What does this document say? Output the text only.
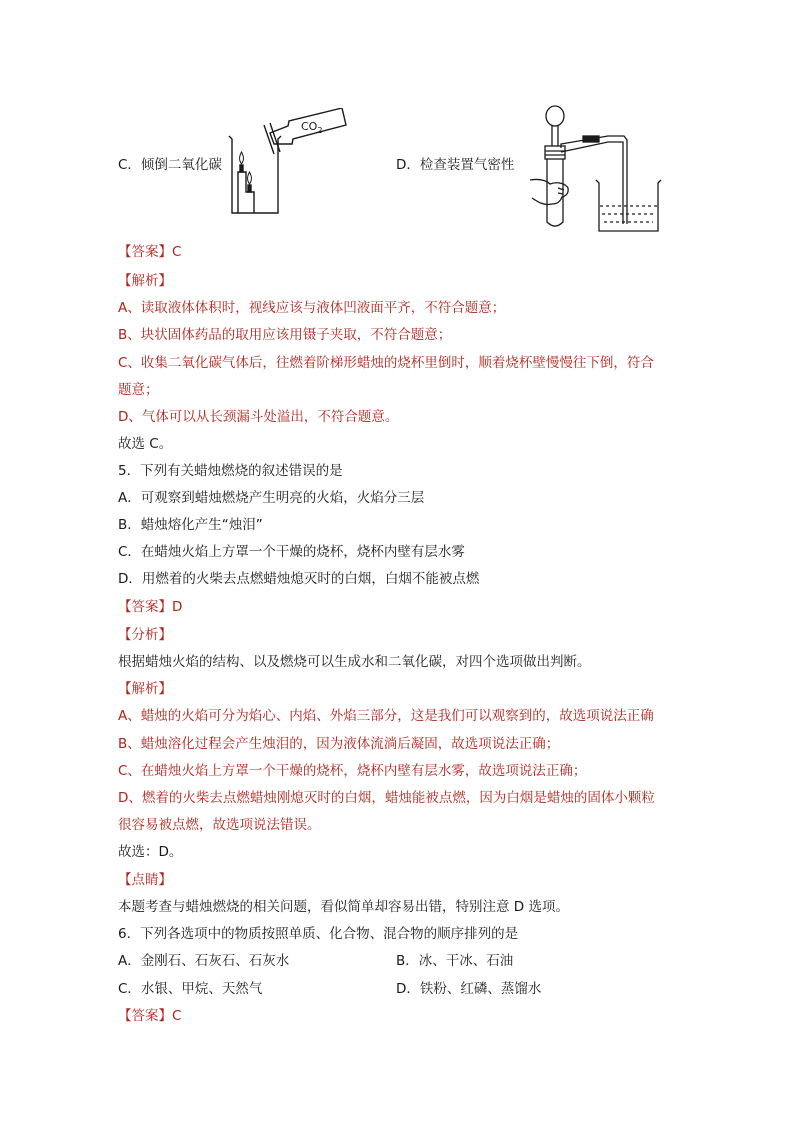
$CO_2$
C．倾倒二氧化碳	D．检查装置气密性
【答案】C
【解析】
A、读取液体体积时，视线应该与液体凹液面平齐，不符合题意；
B、块状固体药品的取用应该用镊子夹取，不符合题意；
C、收集二氧化碳气体后，往燃着阶梯形蜡烛的烧杯里倒时，顺着烧杯壁慢慢往下倒，符合
题意；
D、气体可以从长颈漏斗处溢出，不符合题意。
故选 C。
5．下列有关蜡烛燃烧的叙述错误的是
A．可观察到蜡烛燃烧产生明亮的火焰，火焰分三层
B．蜡烛熔化产生“烛泪”
C．在蜡烛火焰上方罩一个干燥的烧杯，烧杯内壁有层水雾
D．用燃着的火柴去点燃蜡烛熄灭时的白烟，白烟不能被点燃
【答案】D
【分析】
根据蜡烛火焰的结构、以及燃烧可以生成水和二氧化碳，对四个选项做出判断。
【解析】
A、蜡烛的火焰可分为焰心、内焰、外焰三部分，这是我们可以观察到的，故选项说法正确
B、蜡烛溶化过程会产生烛泪的，因为液体流淌后凝固，故选项说法正确；
C、在蜡烛火焰上方罩一个干燥的烧杯，烧杯内壁有层水雾，故选项说法正确；
D、燃着的火柴去点燃蜡烛刚熄灭时的白烟，蜡烛能被点燃，因为白烟是蜡烛的固体小颗粒
很容易被点燃，故选项说法错误。
故选：D。
【点睛】
本题考查与蜡烛燃烧的相关问题，看似简单却容易出错，特别注意 D 选项。
6．下列各选项中的物质按照单质、化合物、混合物的顺序排列的是
A．金刚石、石灰石、石灰水	B．冰、干冰、石油
C．水银、甲烷、天然气	D．铁粉、红磷、蒸馏水
【答案】C
